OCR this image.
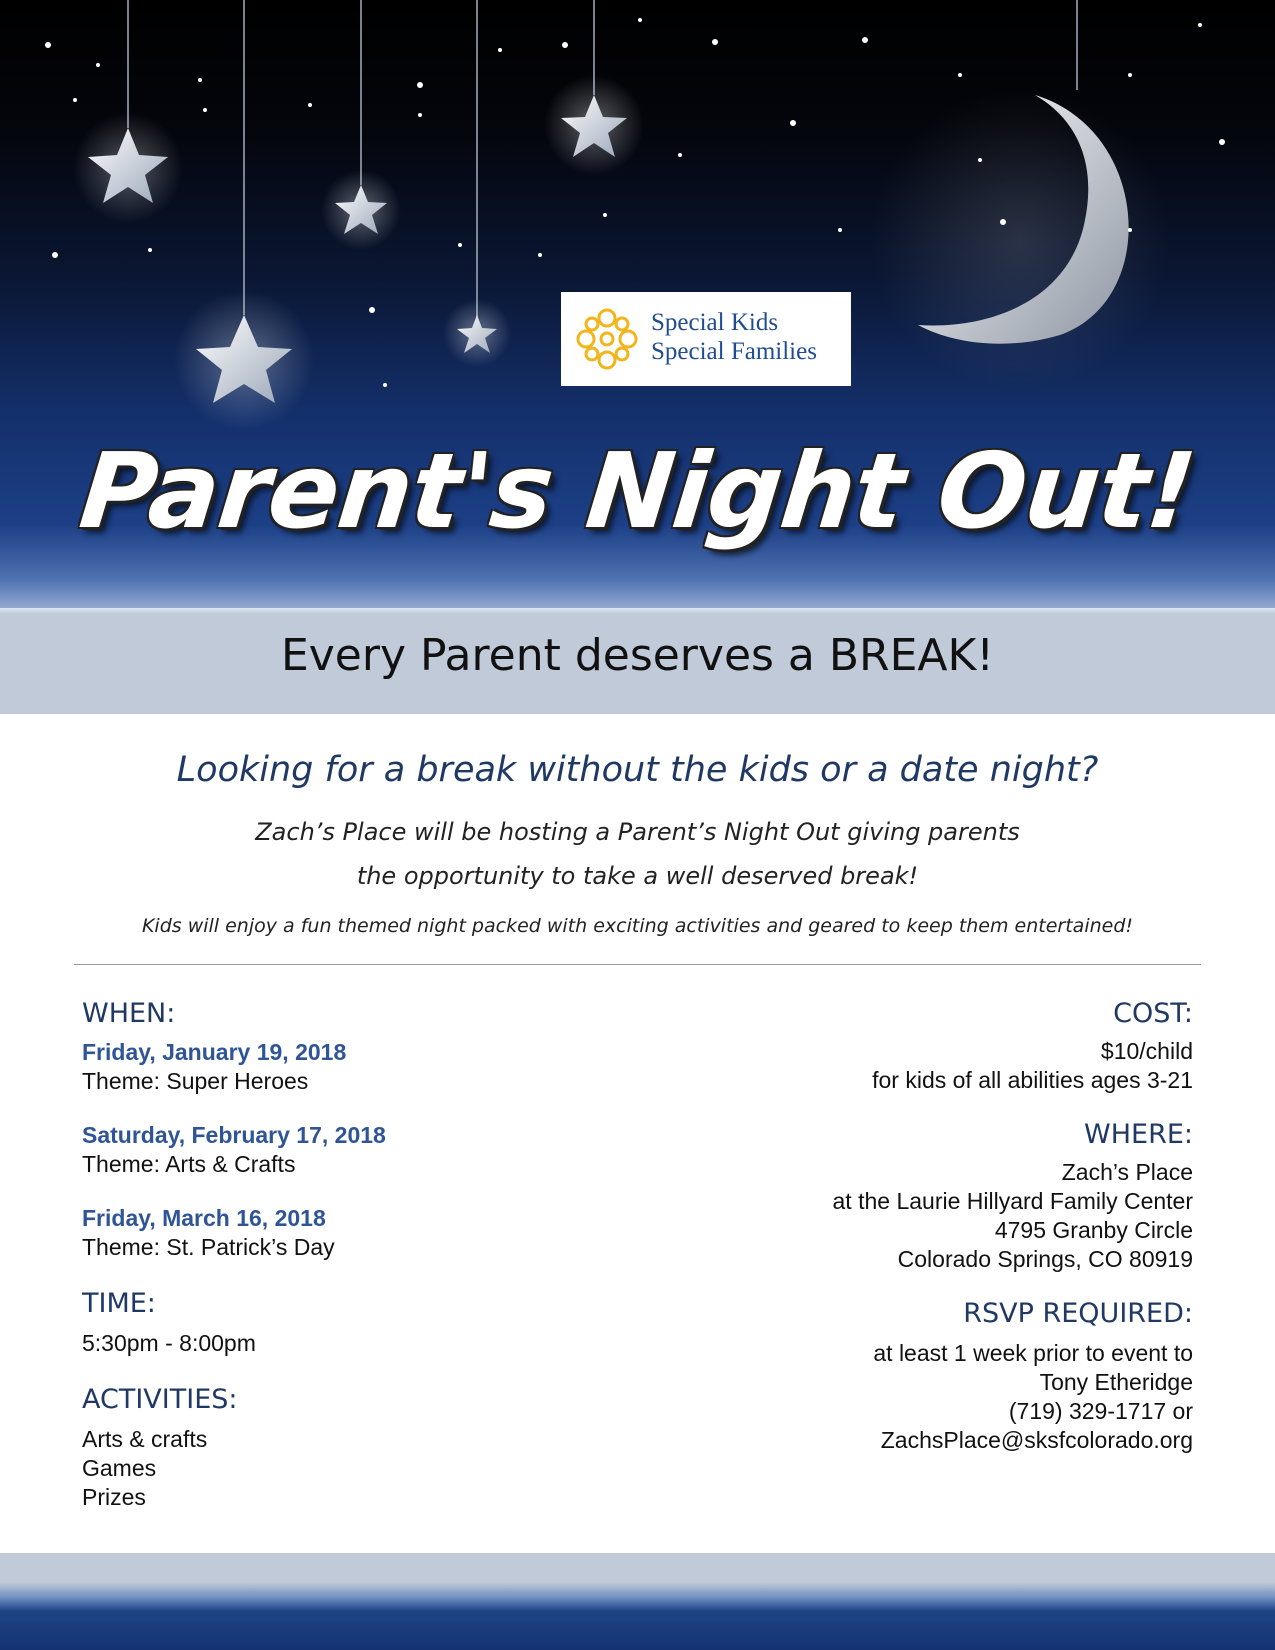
Special Kids
Special Families
Parent's Night Out!
Every Parent deserves a BREAK!
Looking for a break without the kids or a date night?
Zach’s Place will be hosting a Parent’s Night Out giving parents
the opportunity to take a well deserved break!
Kids will enjoy a fun themed night packed with exciting activities and geared to keep them entertained!

WHEN:

Friday, January 19, 2018

Theme: Super Heroes

Saturday, February 17, 2018

Theme: Arts & Crafts

Friday, March 16, 2018

Theme: St. Patrick’s Day

TIME:

5:30pm - 8:00pm

ACTIVITIES:

Arts & crafts

Games

Prizes

COST:

$10/child

for kids of all abilities ages 3-21

WHERE:

Zach’s Place

at the Laurie Hillyard Family Center

4795 Granby Circle

Colorado Springs, CO 80919

RSVP REQUIRED:

at least 1 week prior to event to

Tony Etheridge

(719) 329-1717 or

ZachsPlace@sksfcolorado.org
